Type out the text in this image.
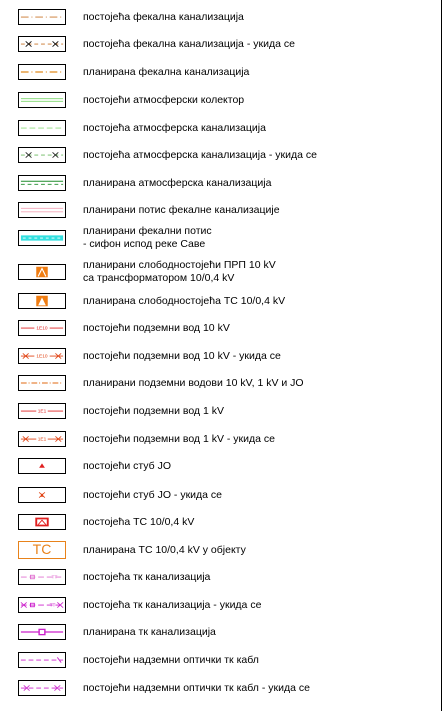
постојећа фекална канализација
постојећа фекална канализација - укида се
планирана фекална канализација
постојећи атмосферски колектор
постојећа атмосферска канализација
постојећа атмосферска канализација - укида се
планирана атмосферска канализација
планирани потис фекалне канализације
планирани фекални потис
- сифон испод реке Саве
планирани слободностојећи ПРП 10 kV
са трансформатором 10/0,4 kV
планирана слободностојећа ТС 10/0,4 kV
1E10	постојећи подземни вод 10 kV
1E10	постојећи подземни вод 10 kV - укида се
планирани подземни водови 10 kV, 1 kV и ЈО
1E1	постојећи подземни вод 1 kV
1E1	постојећи подземни вод 1 kV - укида се
постојећи стуб ЈО
постојећи стуб ЈО - укида се
постојећа ТС 10/0,4 kV
ТС	планирана ТС 10/0,4 kV у објекту
ТТ постојећа тк канализација
ТТ	постојећа тк канализација - укида се
планирана тк канализација
постојећи надземни оптички тк кабл
постојећи надземни оптички тк кабл - укида се
